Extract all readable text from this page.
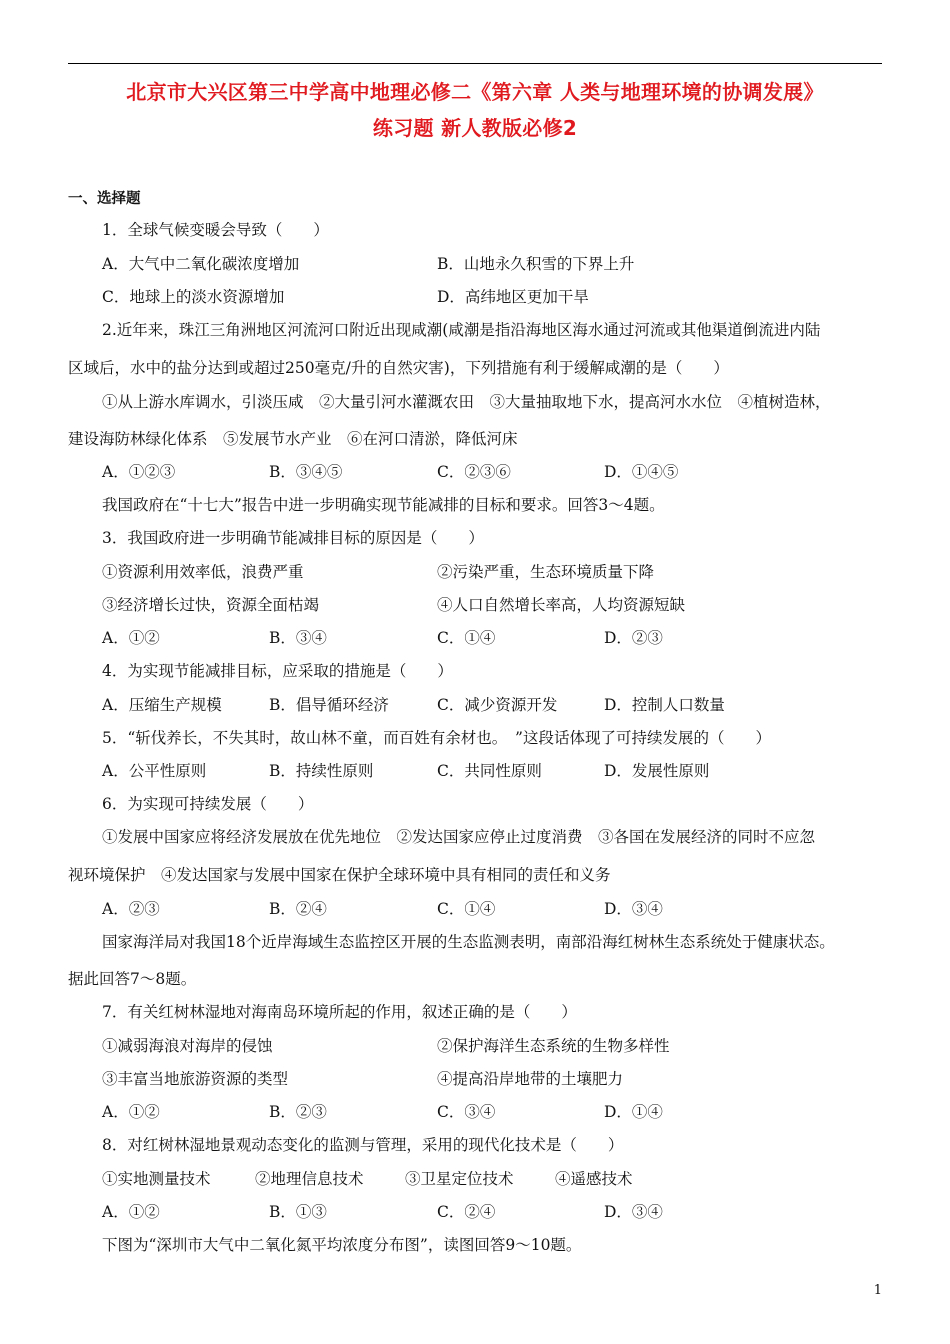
北京市大兴区第三中学高中地理必修二《第六章 人类与地理环境的协调发展》
练习题 新人教版必修2
一、选择题
1．全球气候变暖会导致（　　）
A．大气中二氧化碳浓度增加	B．山地永久积雪的下界上升
C．地球上的淡水资源增加	D．高纬地区更加干旱
2.近年来，珠江三角洲地区河流河口附近出现咸潮(咸潮是指沿海地区海水通过河流或其他渠道倒流进内陆
区域后，水中的盐分达到或超过250毫克/升的自然灾害)，下列措施有利于缓解咸潮的是（　　）
①从上游水库调水，引淡压咸　②大量引河水灌溉农田　③大量抽取地下水，提高河水水位　④植树造林，
建设海防林绿化体系　⑤发展节水产业　⑥在河口清淤，降低河床
A．①②③	B．③④⑤	C．②③⑥	D．①④⑤
我国政府在“十七大”报告中进一步明确实现节能减排的目标和要求。回答3～4题。
3．我国政府进一步明确节能减排目标的原因是（　　）
①资源利用效率低，浪费严重	②污染严重，生态环境质量下降
③经济增长过快，资源全面枯竭	④人口自然增长率高，人均资源短缺
A．①②	B．③④	C．①④	D．②③
4．为实现节能减排目标，应采取的措施是（　　）
A．压缩生产规模	B．倡导循环经济	C．减少资源开发	D．控制人口数量
5．“斩伐养长，不失其时，故山林不童，而百姓有余材也。　”这段话体现了可持续发展的（　　）
A．公平性原则	B．持续性原则	C．共同性原则	D．发展性原则
6．为实现可持续发展（　　）
①发展中国家应将经济发展放在优先地位　②发达国家应停止过度消费　③各国在发展经济的同时不应忽
视环境保护　④发达国家与发展中国家在保护全球环境中具有相同的责任和义务
A．②③	B．②④	C．①④	D．③④
国家海洋局对我国18个近岸海域生态监控区开展的生态监测表明，南部沿海红树林生态系统处于健康状态。
据此回答7～8题。
7．有关红树林湿地对海南岛环境所起的作用，叙述正确的是（　　）
①减弱海浪对海岸的侵蚀	②保护海洋生态系统的生物多样性
③丰富当地旅游资源的类型	④提高沿岸地带的土壤肥力
A．①②	B．②③	C．③④	D．①④
8．对红树林湿地景观动态变化的监测与管理，采用的现代化技术是（　　）
①实地测量技术	②地理信息技术	③卫星定位技术	④遥感技术
A．①②	B．①③	C．②④	D．③④
下图为“深圳市大气中二氧化氮平均浓度分布图”，读图回答9～10题。
1
